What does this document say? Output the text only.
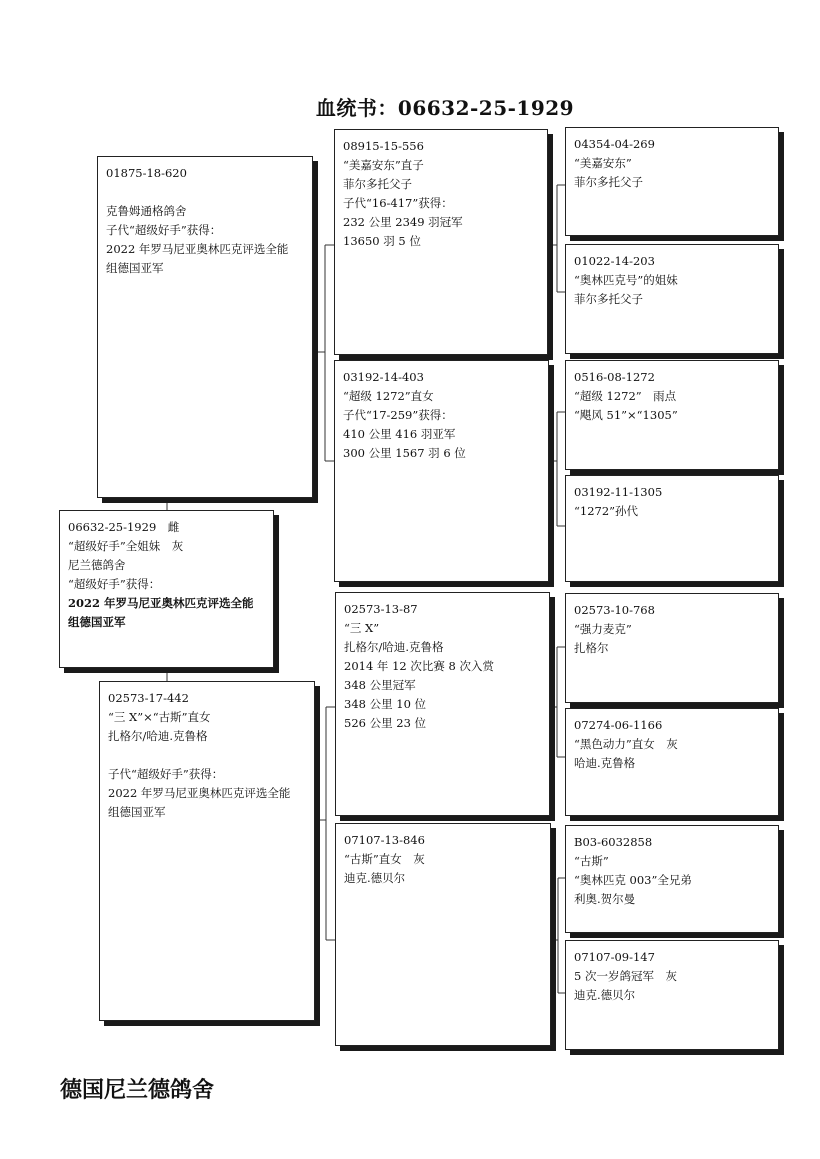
血统书：06632-25-1929
01875-18-620
克鲁姆通格鸽舍
子代“超级好手”获得：
2022 年罗马尼亚奥林匹克评选全能
组德国亚军
06632-25-1929　雌
“超级好手”全姐妹　灰
尼兰德鸽舍
“超级好手”获得：
2022 年罗马尼亚奥林匹克评选全能
组德国亚军
02573-17-442
“三 X”×“古斯”直女
扎格尔/哈迪.克鲁格
子代“超级好手”获得：
2022 年罗马尼亚奥林匹克评选全能
组德国亚军
08915-15-556
“美嘉安东”直子
菲尔多托父子
子代“16-417”获得：
232 公里 2349 羽冠军
13650 羽 5 位
03192-14-403
“超级 1272”直女
子代“17-259”获得：
410 公里 416 羽亚军
300 公里 1567 羽 6 位
02573-13-87
“三 X”
扎格尔/哈迪.克鲁格
2014 年 12 次比赛 8 次入赏
348 公里冠军
348 公里 10 位
526 公里 23 位
07107-13-846
“古斯”直女　灰
迪克.德贝尔
04354-04-269
“美嘉安东”
菲尔多托父子
01022-14-203
“奥林匹克号”的姐妹
菲尔多托父子
0516-08-1272
“超级 1272”　雨点
“飓风 51”×“1305”
03192-11-1305
“1272”孙代
02573-10-768
“强力麦克”
扎格尔
07274-06-1166
“黑色动力”直女　灰
哈迪.克鲁格
B03-6032858
“古斯”
“奥林匹克 003”全兄弟
利奥.贺尔曼
07107-09-147
5 次一岁鸽冠军　灰
迪克.德贝尔
德国尼兰德鸽舍
